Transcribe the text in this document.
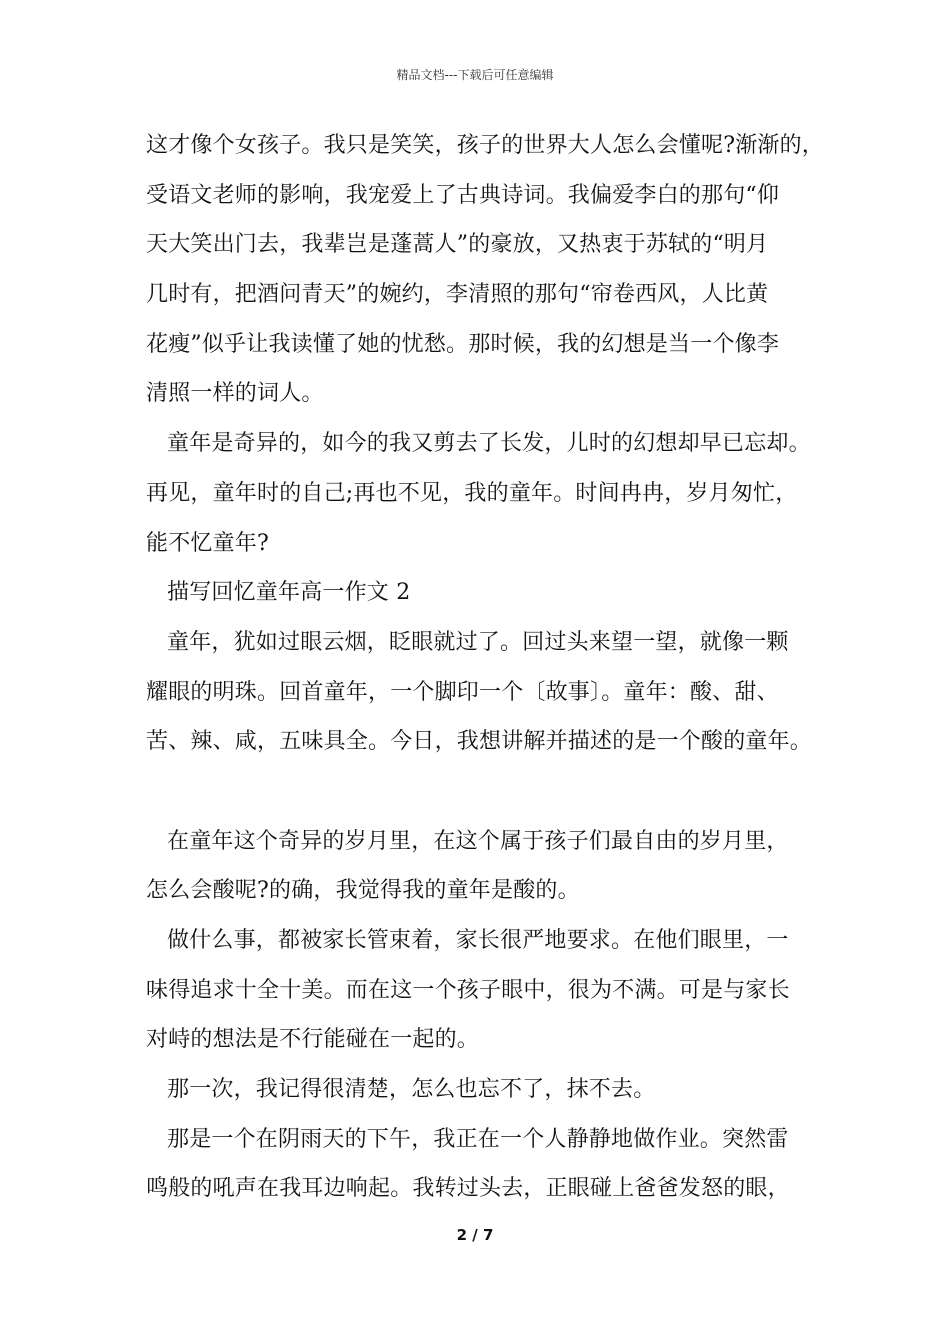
精品文档---下载后可任意编辑
这才像个女孩子。我只是笑笑，孩子的世界大人怎么会懂呢?渐渐的，
受语文老师的影响，我宠爱上了古典诗词。我偏爱李白的那句“仰
天大笑出门去，我辈岂是蓬蒿人”的豪放，又热衷于苏轼的“明月
几时有，把酒问青天”的婉约，李清照的那句“帘卷西风，人比黄
花瘦”似乎让我读懂了她的忧愁。那时候，我的幻想是当一个像李
清照一样的词人。
童年是奇异的，如今的我又剪去了长发，儿时的幻想却早已忘却。
再见，童年时的自己;再也不见，我的童年。时间冉冉，岁月匆忙，
能不忆童年?
描写回忆童年高一作文 2
童年，犹如过眼云烟，眨眼就过了。回过头来望一望，就像一颗
耀眼的明珠。回首童年，一个脚印一个〔故事〕。童年：酸、甜、
苦、辣、咸，五味具全。今日，我想讲解并描述的是一个酸的童年。
在童年这个奇异的岁月里，在这个属于孩子们最自由的岁月里，
怎么会酸呢?的确，我觉得我的童年是酸的。
做什么事，都被家长管束着，家长很严地要求。在他们眼里，一
味得追求十全十美。而在这一个孩子眼中，很为不满。可是与家长
对峙的想法是不行能碰在一起的。
那一次，我记得很清楚，怎么也忘不了，抹不去。
那是一个在阴雨天的下午，我正在一个人静静地做作业。突然雷
鸣般的吼声在我耳边响起。我转过头去，正眼碰上爸爸发怒的眼，
2 / 7
